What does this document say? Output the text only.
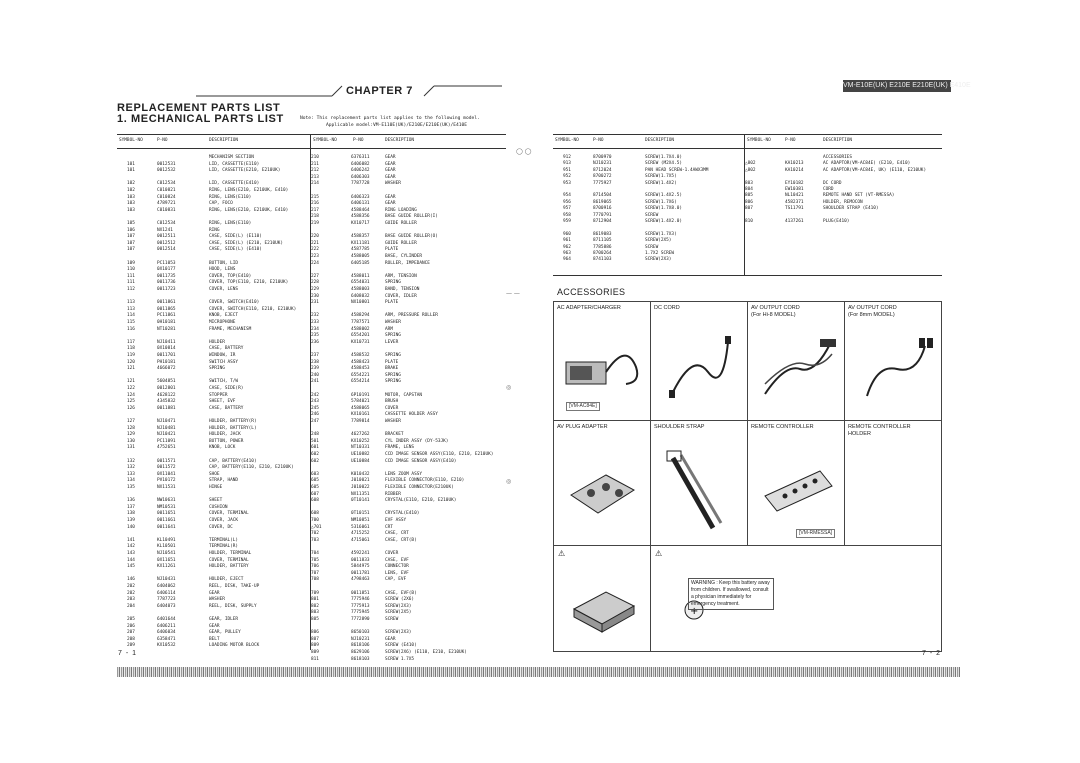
CHAPTER 7	VM-E10E(UK) E210E E210E(UK) E410E
REPLACEMENT PARTS LIST
1. MECHANICAL PARTS LIST	Note: This replacement parts list applies to the following model.
Applicable model:VM-E110E(UK)/E210E/E210E(UK)/E410E
SYMBOL-NO	P-NO	DESCRIPTION	SYMBOL-NO	P-NO	DESCRIPTION
MECHANISM SECTION
101	0012531	LID, CASSETTE(E110)
101	0012532	LID, CASSETTE(E210, E210UK)
102	C012534	LID, CASSETTE(E410)
102	C010821	RING, LENS(E210, E210UK, E410)
103	C010824	RING, LENS(E110)
103	4789721	CAP, FOCO
103	C010831	RING, LENS(E210, E210UK, E410)
105	C012534	RING, LENS(E110)
106	NX1241	RING
107	0012511	CASE, SIDE(L) (E110)
107	0012512	CASE, SIDE(L) (E210, E210UK)
107	0012514	CASE, SIDE(L) (E410)
109	PC11053	BUTTON, LID
110	0X10177	HOOD, LENS
111	0011735	COVER, TOP(E410)
111	0011736	COVER, TOP(E110, E210, E210UK)
112	0011723	COVER, LENS
113	0011861	COVER, SWITCH(E410)
113	0011865	COVER, SWITCH(E110, E210, E210UK)
114	PC11861	KNOB, EJECT
115	0H10181	MICROPHONE
116	NT10281	FRAME, MECHANISM
117	NJ10411	HOLDER
118	0X10814	CASE, BATTERY
119	0011701	WINDOW, IR
120	PH10181	SWITCH ASSY
121	4666072	SPRING
121	5604851	SWITCH, T/W
122	0012801	CASE, SIDE(R)
124	4628122	STOPPER
125	4345832	SHEET, EVF
126	0011881	CASE, BATTERY
127	NJ10471	HOLDER, BATTERY(R)
128	NJ10481	HOLDER, BATTERY(L)
129	NJ10421	HOLDER, JACK
130	PC11091	BUTTON, POWER
131	4752651	KNOB, LOCK
132	0011571	CAP, BATTERY(E410)
132	0011572	CAP, BATTERY(E110, E210, E210UK)
133	0X11041	SHOE
134	PV10172	STRAP, HAND
135	NX11531	HINGE
136	NW10631	SHEET
137	NM10531	CUSHION
138	0011651	COVER, TERMINAL
139	0011661	COVER, JACK
140	0011641	COVER, DC
141	KL10491	TERMINAL(L)
142	KL10501	TERMINAL(R)
143	NJ10541	HOLDER, TERMINAL
144	0X11651	COVER, TERMINAL
145	KX11261	HOLDER, BATTERY
146	NJ10431	HOLDER, EJECT
202	6404062	REEL, DISK, TAKE-UP
202	6406114	GEAR
203	7787723	WASHER
204	6404073	REEL, DISK, SUPPLY
205	6401644	GEAR, IDLER
206	6406211	GEAR
207	6406034	GEAR, PULLEY
208	6358471	BELT
209	KX10532	LOADING MOTOR BLOCK
210	6376311	GEAR
211	6406082	GEAR
212	6406242	GEAR
213	6406303	GEAR
214	7787728	WASHER
215	6406323	GEAR
216	6406131	GEAR
217	4588464	RING LOADING
218	4588356	BASE GUIDE ROLLER(I)
219	KX10717	GUIDE ROLLER
220	4588357	BASE GUIDE ROLLER(O)
221	KX11181	GUIDE ROLLER
222	4587785	PLATE
223	4588005	BASE, CYLINDER
224	6405185	ROLLER, IMPEDANCE
227	4588011	ARM, TENSION
228	6554031	SPRING
229	4588003	BAND, TENSION
230	6408032	COVER, IDLER
231	NX10801	PLATE
232	4588294	ARM, PRESSURE ROLLER
233	7787571	WASHER
234	4588002	ARM
235	6554201	SPRING
236	KX10731	LEVER
237	4588532	SPRING
238	4588423	PLATE
239	4588453	BRAKE
240	6554221	SPRING
241	6554214	SPRING
242	6P10191	MOTOR, CAPSTAN
243	5784021	BRUSH
245	4588065	COVER
246	KX10161	CASSETTE HOLDER ASSY
247	7789814	WASHER
248	4627262	BRACKET
501	KX10252	CYL INDER ASSY (DY-53JK)
601	NT10331	FRAME, LENS
602	UE10882	CCD IMAGE SENSOR ASSY(E110, E210, E210UK)
602	UE10884	CCD IMAGE SENSOR ASSY(E410)
603	K010432	LENS ZOOM ASSY
605	J010021	FLEXIBLE CONNECTOR(E110, E210)
605	J010022	FLEXIBLE CONNECTOR(E210UK)
607	NX11351	RIBBER
608	0T10141	CRYSTAL(E110, E210, E210UK)
608	0T10151	CRYSTAL(E410)
700	NM10851	EVF ASSY
△701	5316061	CRT
702	4715252	CASE, CRT
703	4715061	CASE, CRT(B)
704	4592241	COVER
705	0011833	CASE, EVF
706	5844975	CONNECTOR
707	0011781	LENS, EVF
708	4798463	CAP, EVF
709	0011851	CASE, EVF(B)
801	7775946	SCREW (2X6)
802	7775913	SCREW(2X3)
803	7775945	SCREW(2X5)
805	7772890	SCREW
806	8650103	SCREW(2X3)
807	NJ10231	GEAR
809	8618106	SCREW (E410)
809	8629106	SCREW(2X6) (E110, E210, E210UK)
811	8618103	SCREW 1.7X5
SYMBOL-NO	P-NO	DESCRIPTION	SYMBOL-NO	P-NO	DESCRIPTION
912	8700970	SCREW(1.7X4.0)
913	NJ10231	SCREW (M2X4.5)
951	8712024	PAN HEAD SCREW-1.4AWX3MM
952	8700272	SCREW(1.7X5)
953	7775927	SCREW(1.4X2)
954	8714504	SCREW(1.4X2.5)
956	8619065	SCREW(1.7X6)
957	8700916	SCREW(1.7X8.0)
958	7770791	SCREW
959	8712904	SCREW(1.4X2.0)
960	8619083	SCREW(1.7X3)
961	8711105	SCREW(2X5)
962	7785886	SCREW
963	8700264	1.7X2 SCREW
964	8741103	SCREW(2X3)
ACCESSORIES
△802	KA10213	AC ADAPTOR(VM-AC84E) (E210, E410)
△802	KA10214	AC ADAPTOR(VM-AC84E, UK) (E110, E210UK)
803	EY10182	DC CORD
804	EW10381	CORD
805	NL10421	REMOTE HAND SET (VT-RMESSA)
806	4582371	HOLDER, REMOCON
807	TS11791	SHOULDER STRAP (E410)
810	4137261	PLUG(E410)
ACCESSORIES
AC ADAPTER/CHARGER
[VM-AC84E]
DC CORD	AV OUTPUT CORD
(For Hi-8 MODEL)
AV OUTPUT CORD
(For 8mm MODEL)
AV PLUG ADAPTER	SHOULDER STRAP	REMOTE CONTROLLER
[VM-RMESSA]
REMOTE CONTROLLER
HOLDER
⚠	⚠
+
WARNING : Keep this battery away from children. If swallowed, consult a physician immediately for emergency treatment.
◯ ◯
— —
◎
◎
7 - 1	7 - 2
